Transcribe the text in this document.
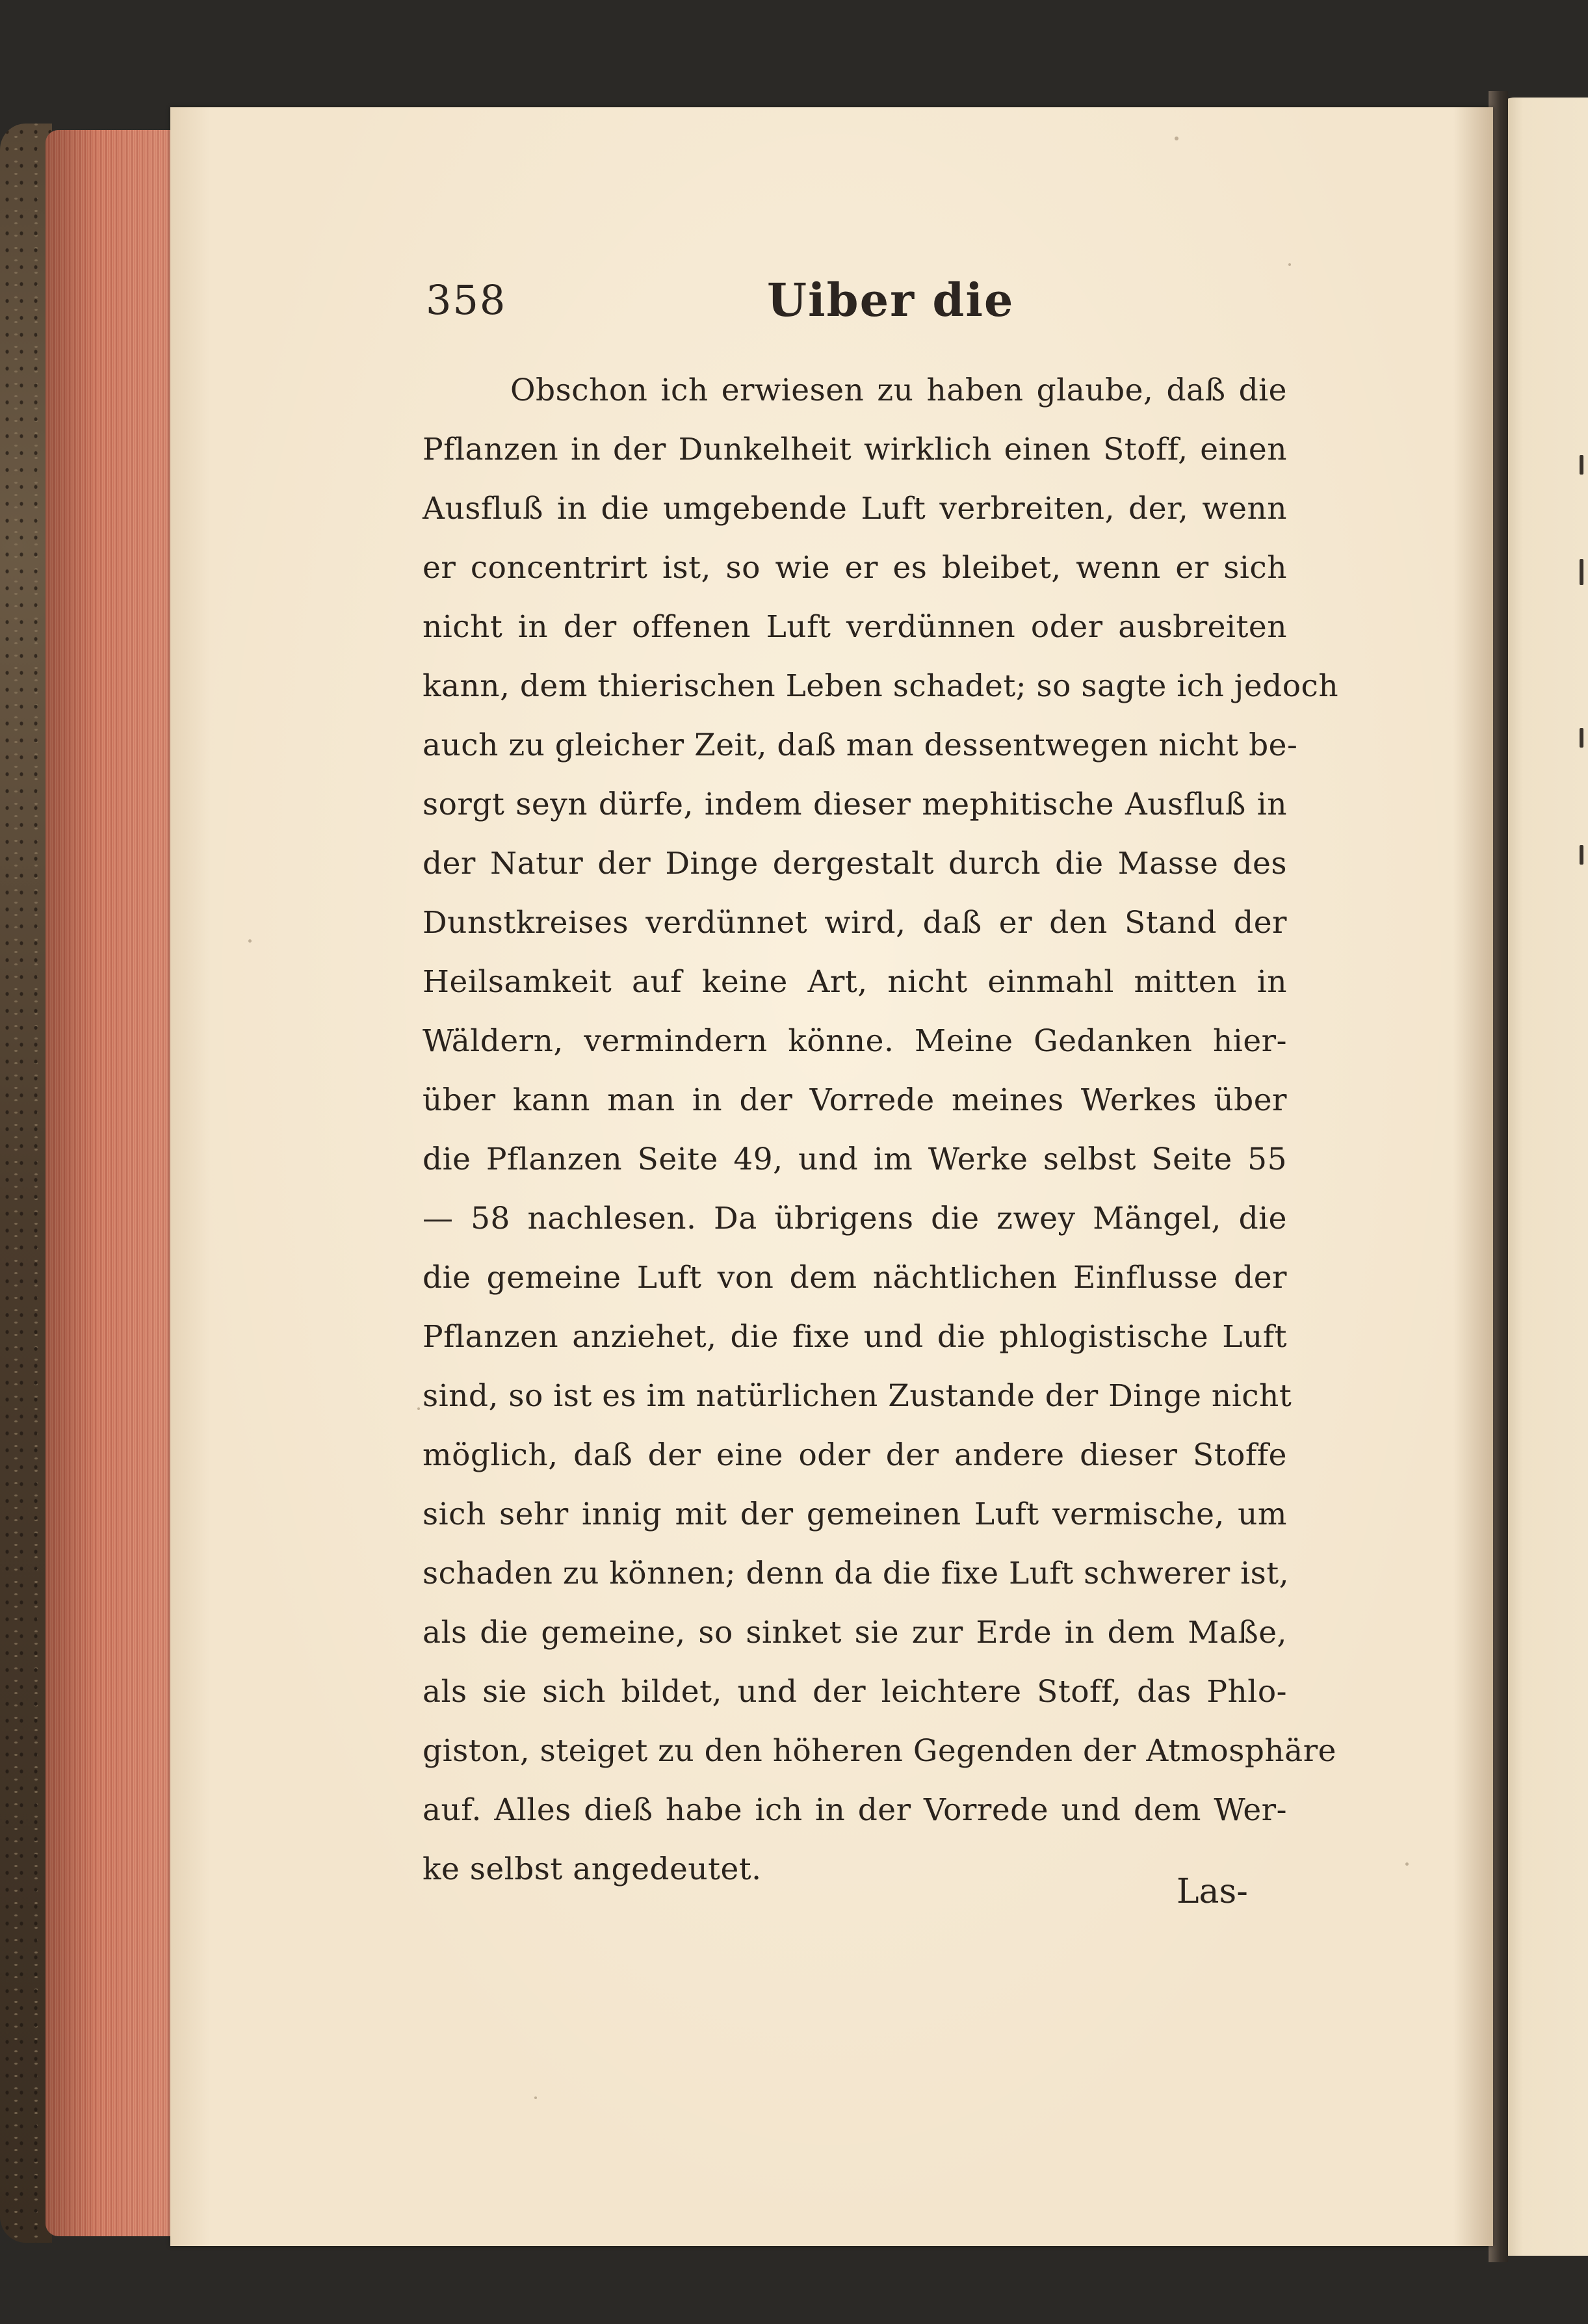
358	Uiber die
Obschon ich erwiesen zu haben glaube, daß die
Pflanzen in der Dunkelheit wirklich einen Stoff, einen
Ausfluß in die umgebende Luft verbreiten, der, wenn
er concentrirt ist, so wie er es bleibet, wenn er sich
nicht in der offenen Luft verdünnen oder ausbreiten
kann, dem thierischen Leben schadet; so sagte ich jedoch
auch zu gleicher Zeit, daß man dessentwegen nicht be-
sorgt seyn dürfe, indem dieser mephitische Ausfluß in
der Natur der Dinge dergestalt durch die Masse des
Dunstkreises verdünnet wird, daß er den Stand der
Heilsamkeit auf keine Art, nicht einmahl mitten in
Wäldern, vermindern könne. Meine Gedanken hier-
über kann man in der Vorrede meines Werkes über
die Pflanzen Seite 49, und im Werke selbst Seite 55
— 58 nachlesen. Da übrigens die zwey Mängel, die
die gemeine Luft von dem nächtlichen Einflusse der
Pflanzen anziehet, die fixe und die phlogistische Luft
sind, so ist es im natürlichen Zustande der Dinge nicht
möglich, daß der eine oder der andere dieser Stoffe
sich sehr innig mit der gemeinen Luft vermische, um
schaden zu können; denn da die fixe Luft schwerer ist,
als die gemeine, so sinket sie zur Erde in dem Maße,
als sie sich bildet, und der leichtere Stoff, das Phlo-
giston, steiget zu den höheren Gegenden der Atmosphäre
auf. Alles dieß habe ich in der Vorrede und dem Wer-
ke selbst angedeutet.
Las-
